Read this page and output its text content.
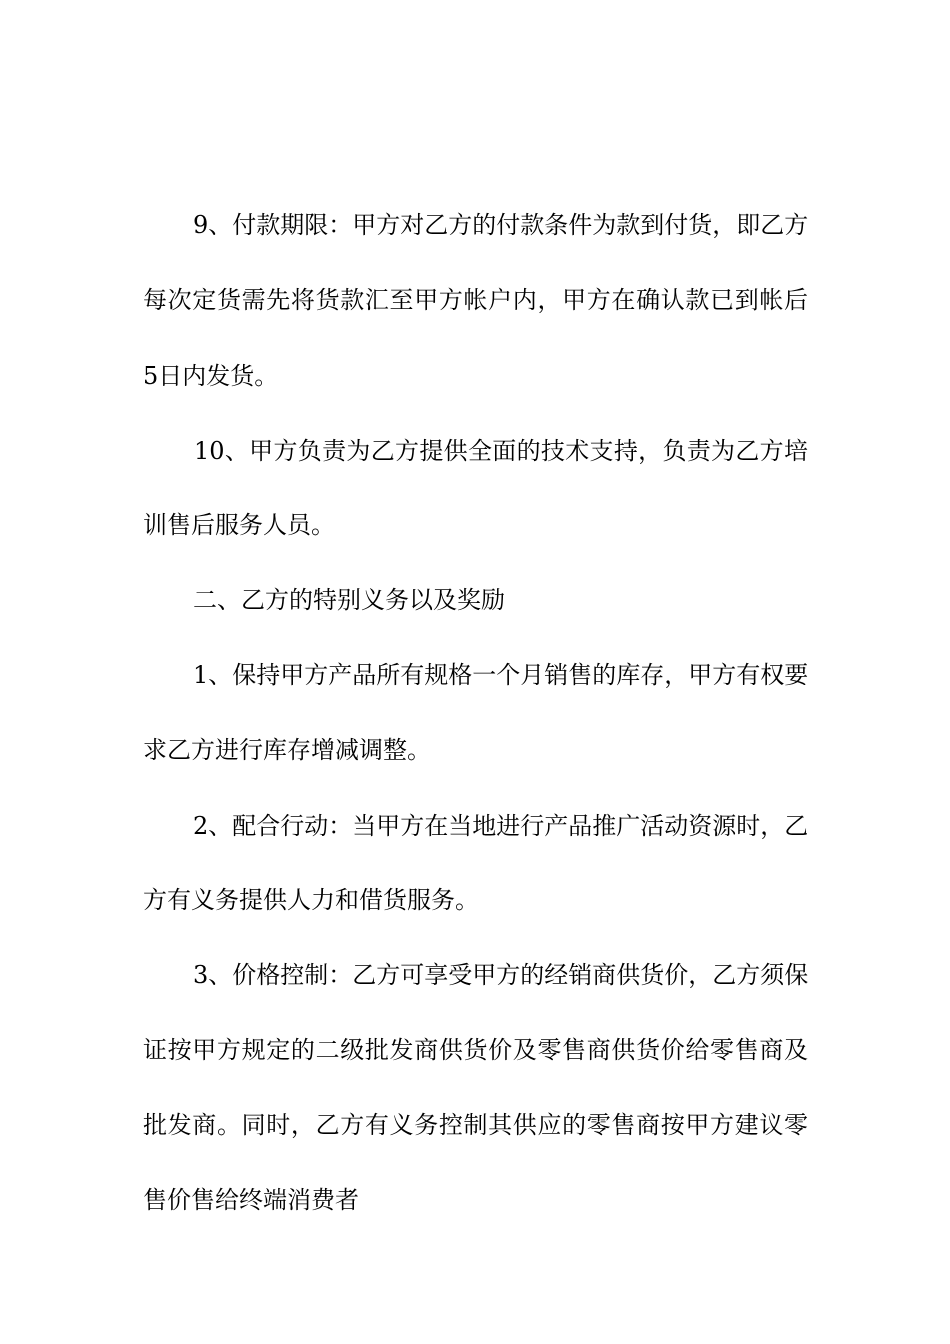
9、付款期限：甲方对乙方的付款条件为款到付货，即乙方
每次定货需先将货款汇至甲方帐户内，甲方在确认款已到帐后
5日内发货。
10、甲方负责为乙方提供全面的技术支持，负责为乙方培
训售后服务人员。
二、乙方的特别义务以及奖励
1、保持甲方产品所有规格一个月销售的库存，甲方有权要
求乙方进行库存增减调整。
2、配合行动：当甲方在当地进行产品推广活动资源时，乙
方有义务提供人力和借货服务。
3、价格控制：乙方可享受甲方的经销商供货价，乙方须保
证按甲方规定的二级批发商供货价及零售商供货价给零售商及
批发商。同时，乙方有义务控制其供应的零售商按甲方建议零
售价售给终端消费者
